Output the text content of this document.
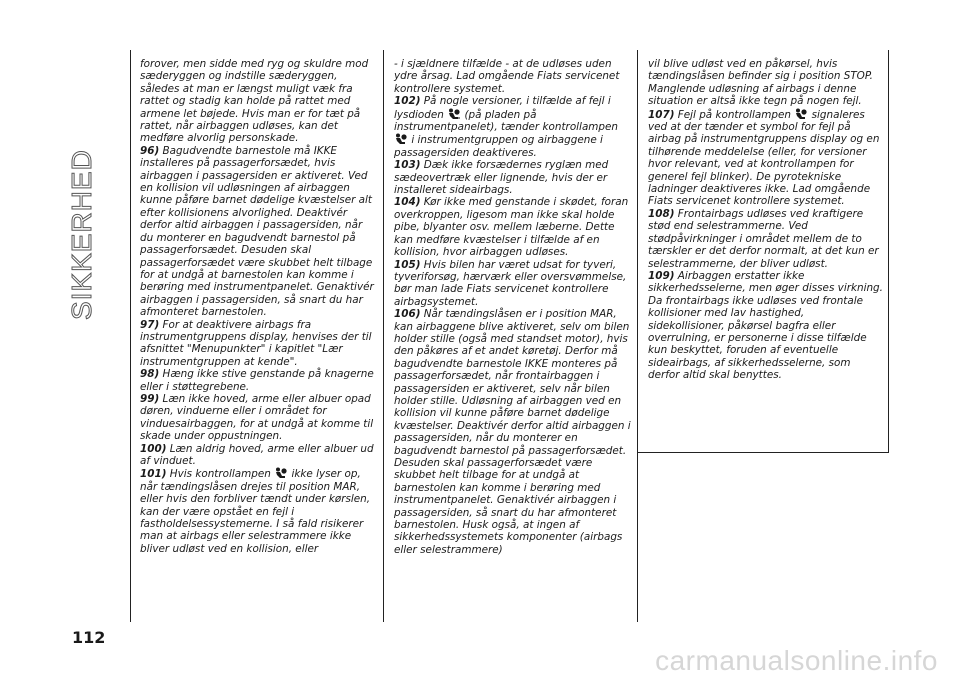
SIKKERHED
112

forover, men sidde med ryg og skuldre mod sæderyggen og indstille sæderyggen, således at man er længst muligt væk fra rattet og stadig kan holde på rattet med armene let bøjede. Hvis man er for tæt på rattet, når airbaggen udløses, kan det medføre alvorlig personskade.

96) Bagudvendte barnestole må IKKE installeres på passagerforsædet, hvis airbaggen i passagersiden er aktiveret. Ved en kollision vil udløsningen af airbaggen kunne påføre barnet dødelige kvæstelser alt efter kollisionens alvorlighed. Deaktivér derfor altid airbaggen i passagersiden, når du monterer en bagudvendt barnestol på passagerforsædet. Desuden skal passagerforsædet være skubbet helt tilbage for at undgå at barnestolen kan komme i berøring med instrumentpanelet. Genaktivér airbaggen i passagersiden, så snart du har afmonteret barnestolen.

97) For at deaktivere airbags fra instrumentgruppens display, henvises der til afsnittet "Menupunkter" i kapitlet "Lær instrumentgruppen at kende".

98) Hæng ikke stive genstande på knagerne eller i støttegrebene.

99) Læn ikke hoved, arme eller albuer opad døren, vinduerne eller i området for vinduesairbaggen, for at undgå at komme til skade under oppustningen.

100) Læn aldrig hoved, arme eller albuer ud af vinduet.

101) Hvis kontrollampen ikke lyser op, når tændingslåsen drejes til position MAR, eller hvis den forbliver tændt under kørslen, kan der være opstået en fejl i fastholdelsessystemerne. I så fald risikerer man at airbags eller selestrammere ikke bliver udløst ved en kollision, eller

- i sjældnere tilfælde - at de udløses uden ydre årsag. Lad omgående Fiats servicenet kontrollere systemet.

102) På nogle versioner, i tilfælde af fejl i lysdioden (på pladen på instrumentpanelet), tænder kontrollampen  i instrumentgruppen og airbaggene i passagersiden deaktiveres.

103) Dæk ikke forsædernes ryglæn med sædeovertræk eller lignende, hvis der er installeret sideairbags.

104) Kør ikke med genstande i skødet, foran overkroppen, ligesom man ikke skal holde pibe, blyanter osv. mellem læberne. Dette kan medføre kvæstelser i tilfælde af en kollision, hvor airbaggen udløses.

105) Hvis bilen har været udsat for tyveri, tyveriforsøg, hærværk eller oversvømmelse, bør man lade Fiats servicenet kontrollere airbagsystemet.

106) Når tændingslåsen er i position MAR, kan airbaggene blive aktiveret, selv om bilen holder stille (også med standset motor), hvis den påkøres af et andet køretøj. Derfor må bagudvendte barnestole IKKE monteres på passagerforsædet, når frontairbaggen i passagersiden er aktiveret, selv når bilen holder stille. Udløsning af airbaggen ved en kollision vil kunne påføre barnet dødelige kvæstelser. Deaktivér derfor altid airbaggen i passagersiden, når du monterer en bagudvendt barnestol på passagerforsædet. Desuden skal passagerforsædet være skubbet helt tilbage for at undgå at barnestolen kan komme i berøring med instrumentpanelet. Genaktivér airbaggen i passagersiden, så snart du har afmonteret barnestolen. Husk også, at ingen af sikkerhedssystemets komponenter (airbags eller selestrammere)

vil blive udløst ved en påkørsel, hvis tændingslåsen befinder sig i position STOP. Manglende udløsning af airbags i denne situation er altså ikke tegn på nogen fejl.

107) Fejl på kontrollampen signaleres ved at der tænder et symbol for fejl på airbag på instrumentgruppens display og en tilhørende meddelelse (eller, for versioner hvor relevant, ved at kontrollampen for generel fejl blinker). De pyrotekniske ladninger deaktiveres ikke. Lad omgående Fiats servicenet kontrollere systemet.

108) Frontairbags udløses ved kraftigere stød end selestrammerne. Ved stødpåvirkninger i området mellem de to tærskler er det derfor normalt, at det kun er selestrammerne, der bliver udløst.

109) Airbaggen erstatter ikke sikkerhedsselerne, men øger disses virkning. Da frontairbags ikke udløses ved frontale kollisioner med lav hastighed, sidekollisioner, påkørsel bagfra eller overrulning, er personerne i disse tilfælde kun beskyttet, foruden af eventuelle sideairbags, af sikkerhedsselerne, som derfor altid skal benyttes.

carmanualsonline.info
